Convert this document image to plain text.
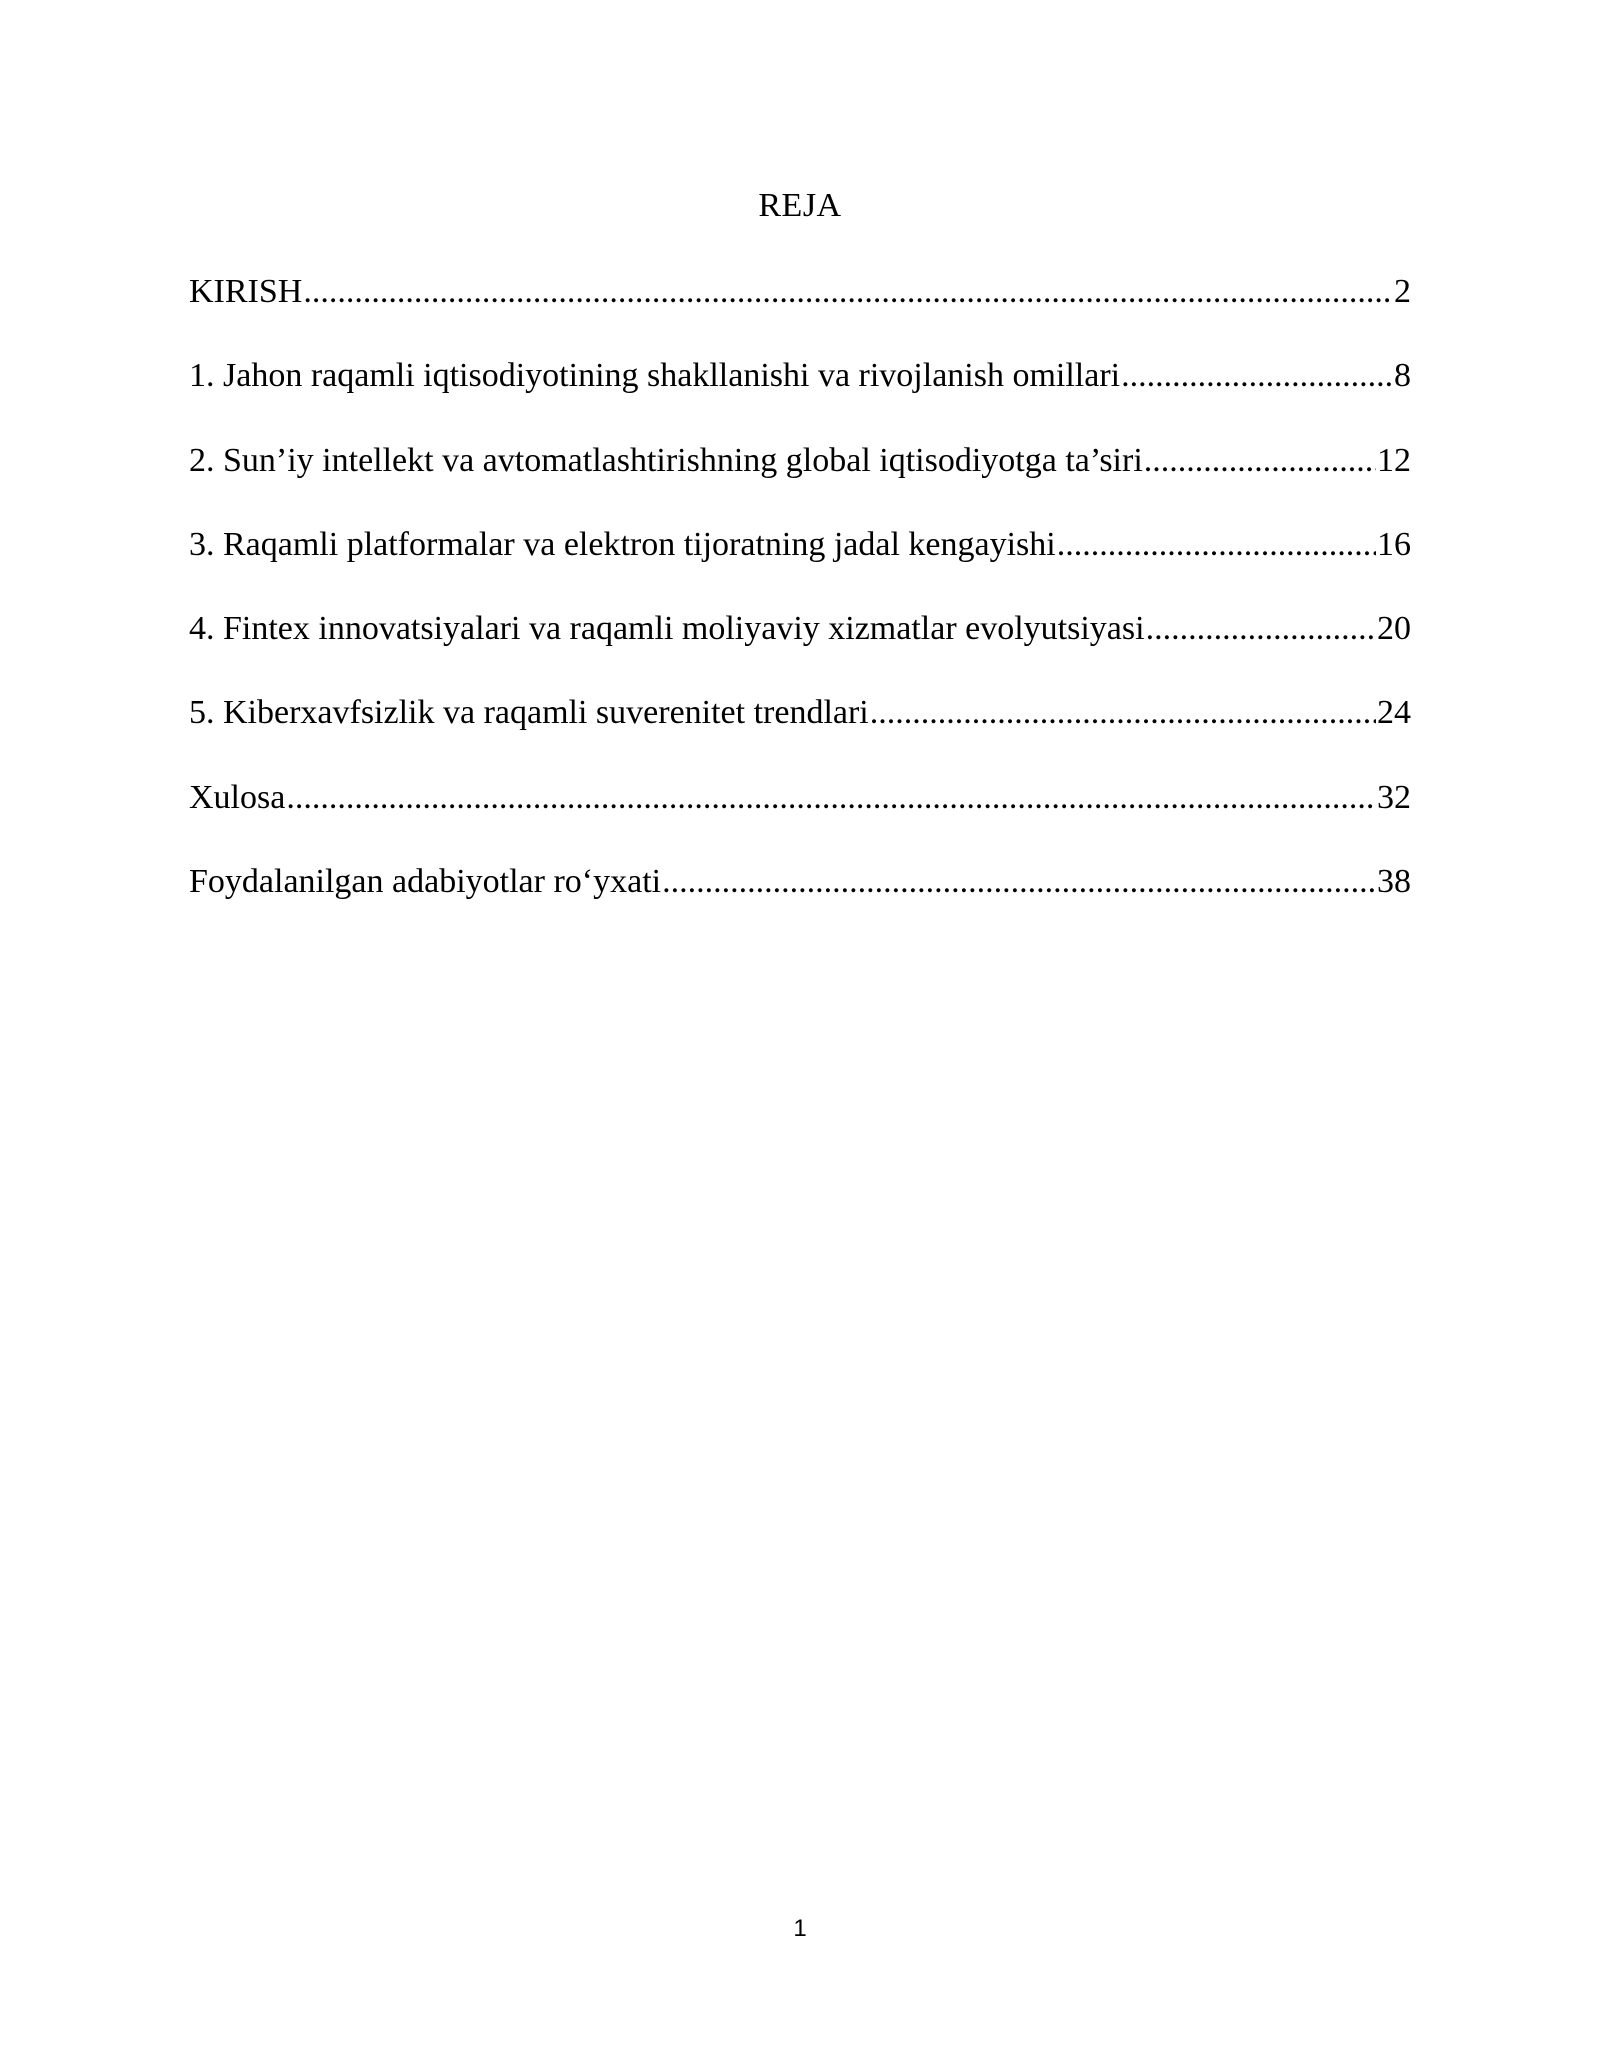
REJA
KIRISH .....	2
1. Jahon raqamli iqtisodiyotining shakllanishi va rivojlanish omillari .....	8
2. Sun’iy intellekt va avtomatlashtirishning global iqtisodiyotga ta’siri .....	12
3. Raqamli platformalar va elektron tijoratning jadal kengayishi .....	16
4. Fintex innovatsiyalari va raqamli moliyaviy xizmatlar evolyutsiyasi .....	20
5. Kiberxavfsizlik va raqamli suverenitet trendlari .....	24
Xulosa .....	32
Foydalanilgan adabiyotlar ro‘yxati .....	38
1
